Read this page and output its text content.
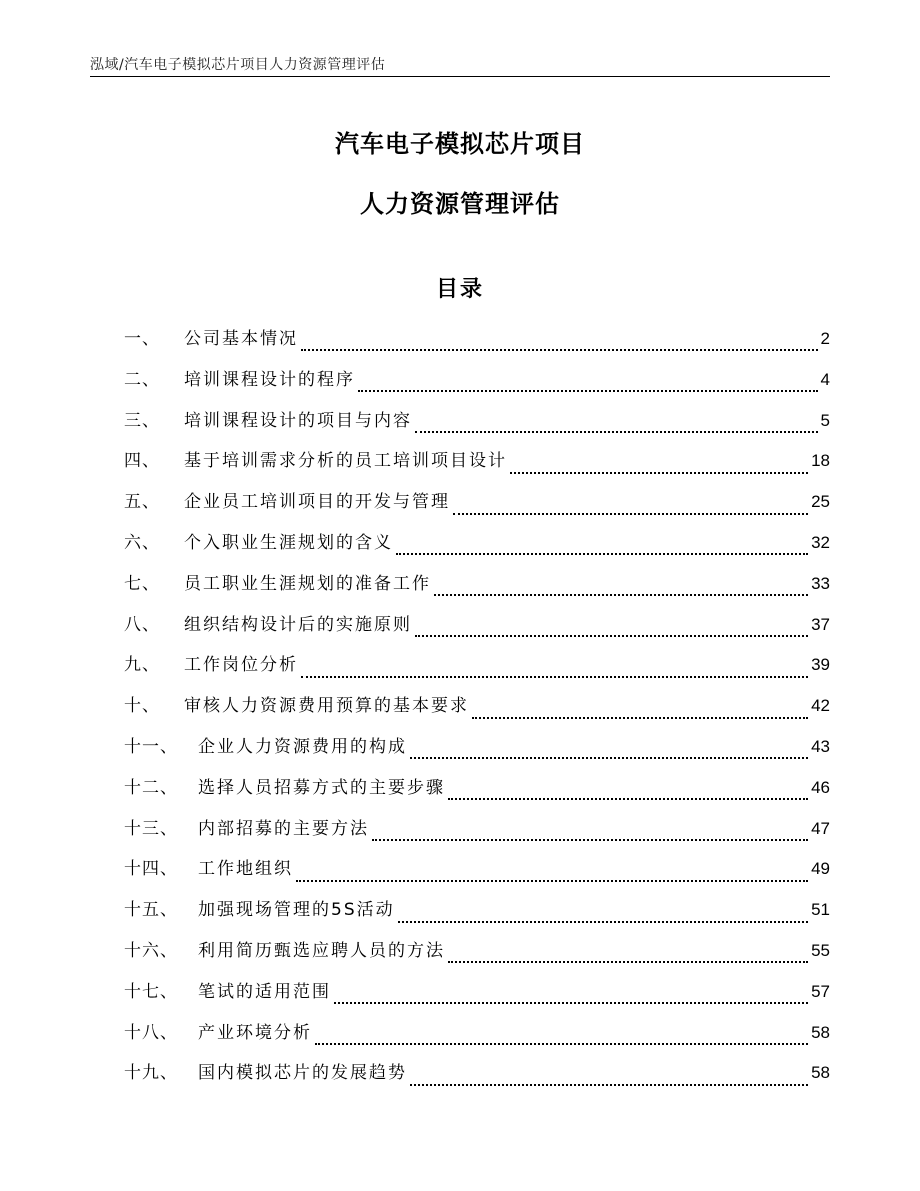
泓域/汽车电子模拟芯片项目人力资源管理评估
汽车电子模拟芯片项目
人力资源管理评估
目录
一、 公司基本情况	2
二、 培训课程设计的程序	4
三、 培训课程设计的项目与内容	5
四、 基于培训需求分析的员工培训项目设计	18
五、 企业员工培训项目的开发与管理	25
六、 个入职业生涯规划的含义	32
七、 员工职业生涯规划的准备工作	33
八、 组织结构设计后的实施原则	37
九、 工作岗位分析	39
十、 审核人力资源费用预算的基本要求	42
十一、 企业人力资源费用的构成	43
十二、 选择人员招募方式的主要步骤	46
十三、 内部招募的主要方法	47
十四、 工作地组织	49
十五、 加强现场管理的5S活动	51
十六、 利用简历甄选应聘人员的方法	55
十七、 笔试的适用范围	57
十八、 产业环境分析	58
十九、 国内模拟芯片的发展趋势	58
